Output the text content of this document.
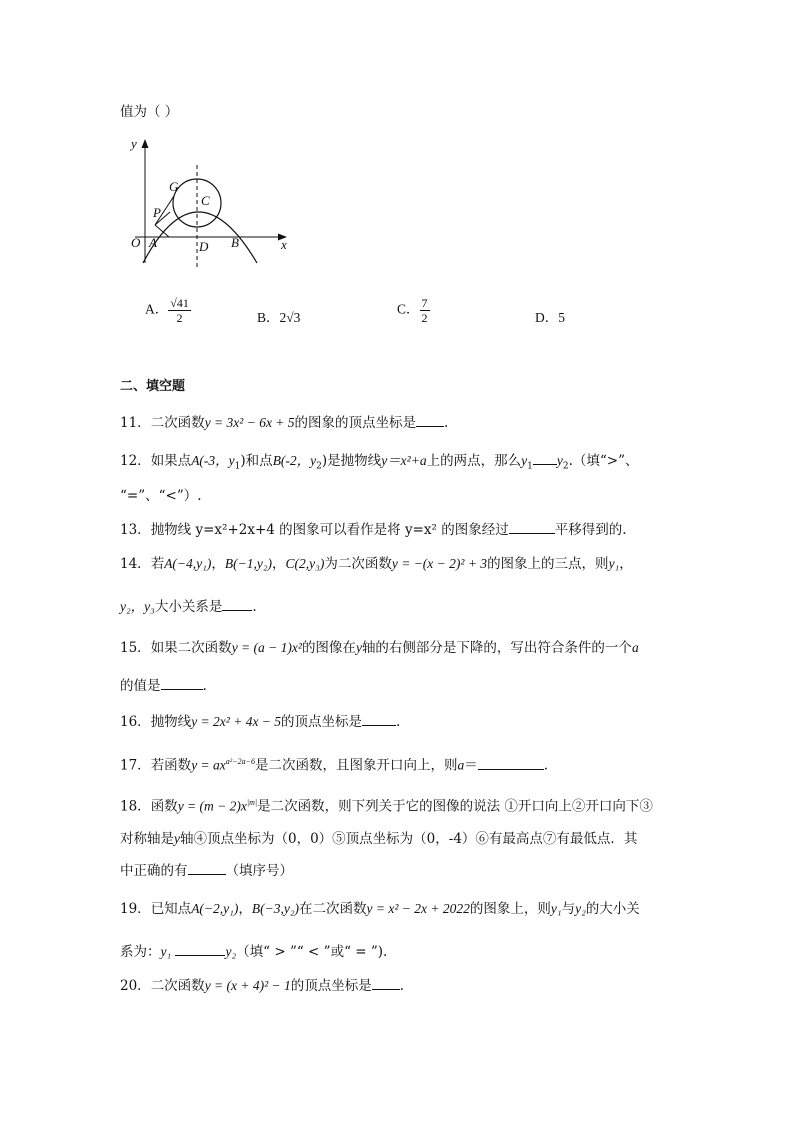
值为（ ）
y
x
O A	D B
P
G
C
A． $\frac{√41}{2}$	B．2√3
C． $\frac{7}{2}$	D．5
二、填空题
11．二次函数y = 3x² − 6x + 5的图象的顶点坐标是 .
12．如果点A(-3，$y_1$)和点B(-2，$y_2$)是抛物线y＝x²+a上的两点，那么$y_1$ $y_2$.（填“>”、
“=”、“<”）.
13．抛物线 y=x²+2x+4 的图象可以看作是将 y=x² 的图象经过	平移得到的.
14．若A(−4,y₁)，B(−1,y₂)，C(2,y₃)为二次函数y = −(x − 2)² + 3的图象上的三点，则y₁，
y₂，y₃大小关系是 .
15．如果二次函数y = (a − 1)x²的图像在y轴的右侧部分是下降的，写出符合条件的一个a
的值是	.
16．抛物线y = 2x² + 4x − 5的顶点坐标是	.
17．若函数$y = ax^{a^2-2a-6}$是二次函数，且图象开口向上，则a＝	.
18．函数$y = (m - 2)x^{|m|}$是二次函数，则下列关于它的图像的说法 ①开口向上②开口向下③
对称轴是y轴④顶点坐标为（0，0）⑤顶点坐标为（0，-4）⑥有最高点⑦有最低点．其
中正确的有	（填序号）
19．已知点A(−2,y₁)，B(−3,y₂)在二次函数y = x² − 2x + 2022的图象上，则y₁与y₂的大小关
系为：y₁	y₂（填“ > ”“ < ”或“ = ”).
20．二次函数y = (x + 4)² − 1的顶点坐标是 .
